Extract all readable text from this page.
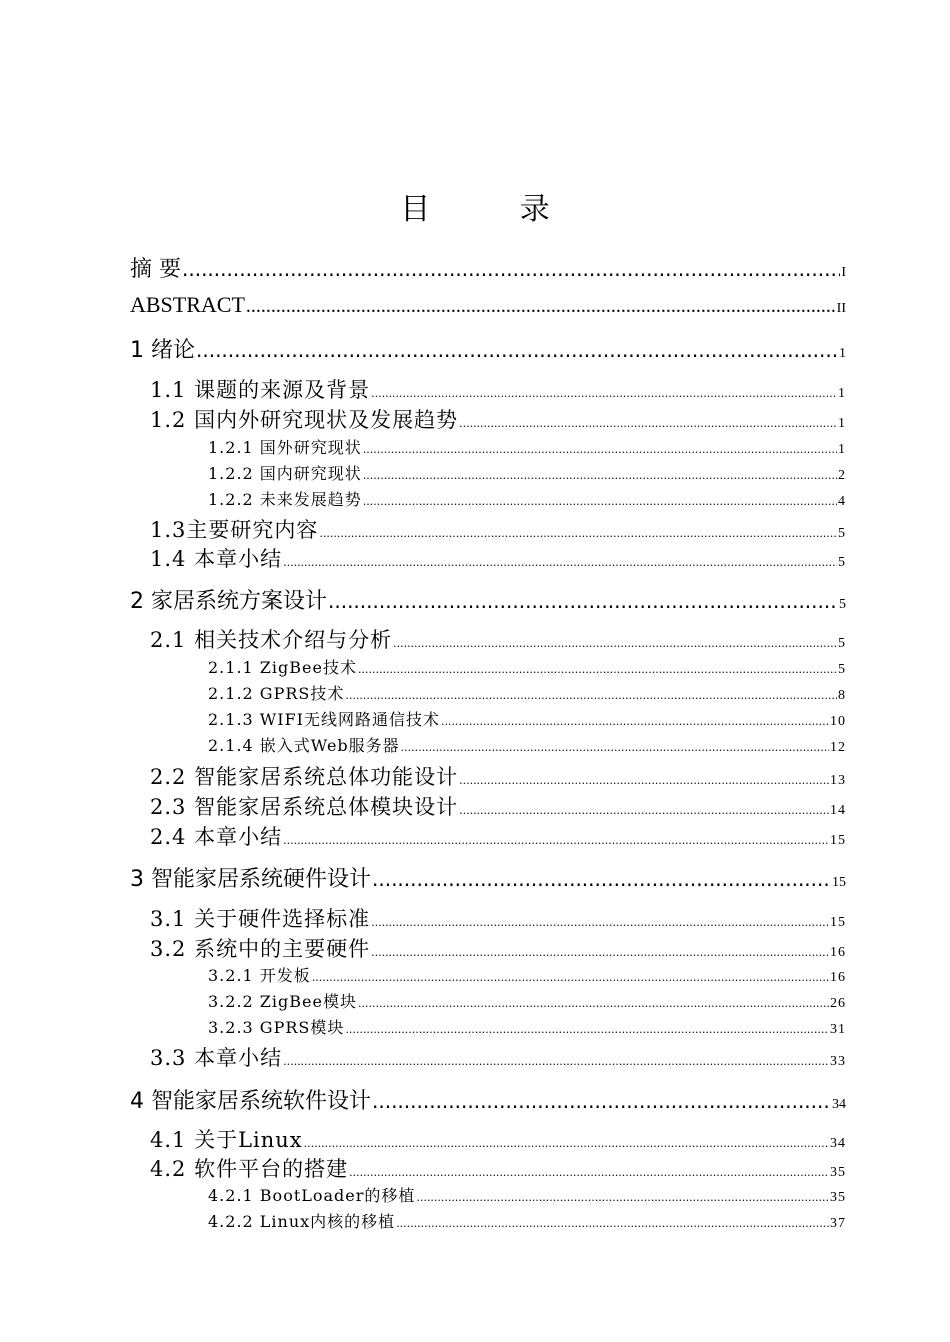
目 录
摘 要 .....	I
ABSTRACT .....	II
1 绪论 .....	1
1.1 课题的来源及背景 .....	1
1.2 国内外研究现状及发展趋势 .....	1
1.2.1 国外研究现状 .....	1
1.2.2 国内研究现状 .....	2
1.2.2 未来发展趋势 .....	4
1.3主要研究内容 .....	5
1.4 本章小结 .....	5
2 家居系统方案设计 .....	5
2.1 相关技术介绍与分析 .....	5
2.1.1 ZigBee技术 .....	5
2.1.2 GPRS技术 .....	8
2.1.3 WIFI无线网路通信技术 .....	10
2.1.4 嵌入式Web服务器 .....	12
2.2 智能家居系统总体功能设计 .....	13
2.3 智能家居系统总体模块设计 .....	14
2.4 本章小结 .....	15
3 智能家居系统硬件设计 .....	15
3.1 关于硬件选择标准 .....	15
3.2 系统中的主要硬件 .....	16
3.2.1 开发板 .....	16
3.2.2 ZigBee模块 .....	26
3.2.3 GPRS模块 .....	31
3.3 本章小结 .....	33
4 智能家居系统软件设计 .....	34
4.1 关于Linux .....	34
4.2 软件平台的搭建 .....	35
4.2.1 BootLoader的移植 .....	35
4.2.2 Linux内核的移植 .....	37
